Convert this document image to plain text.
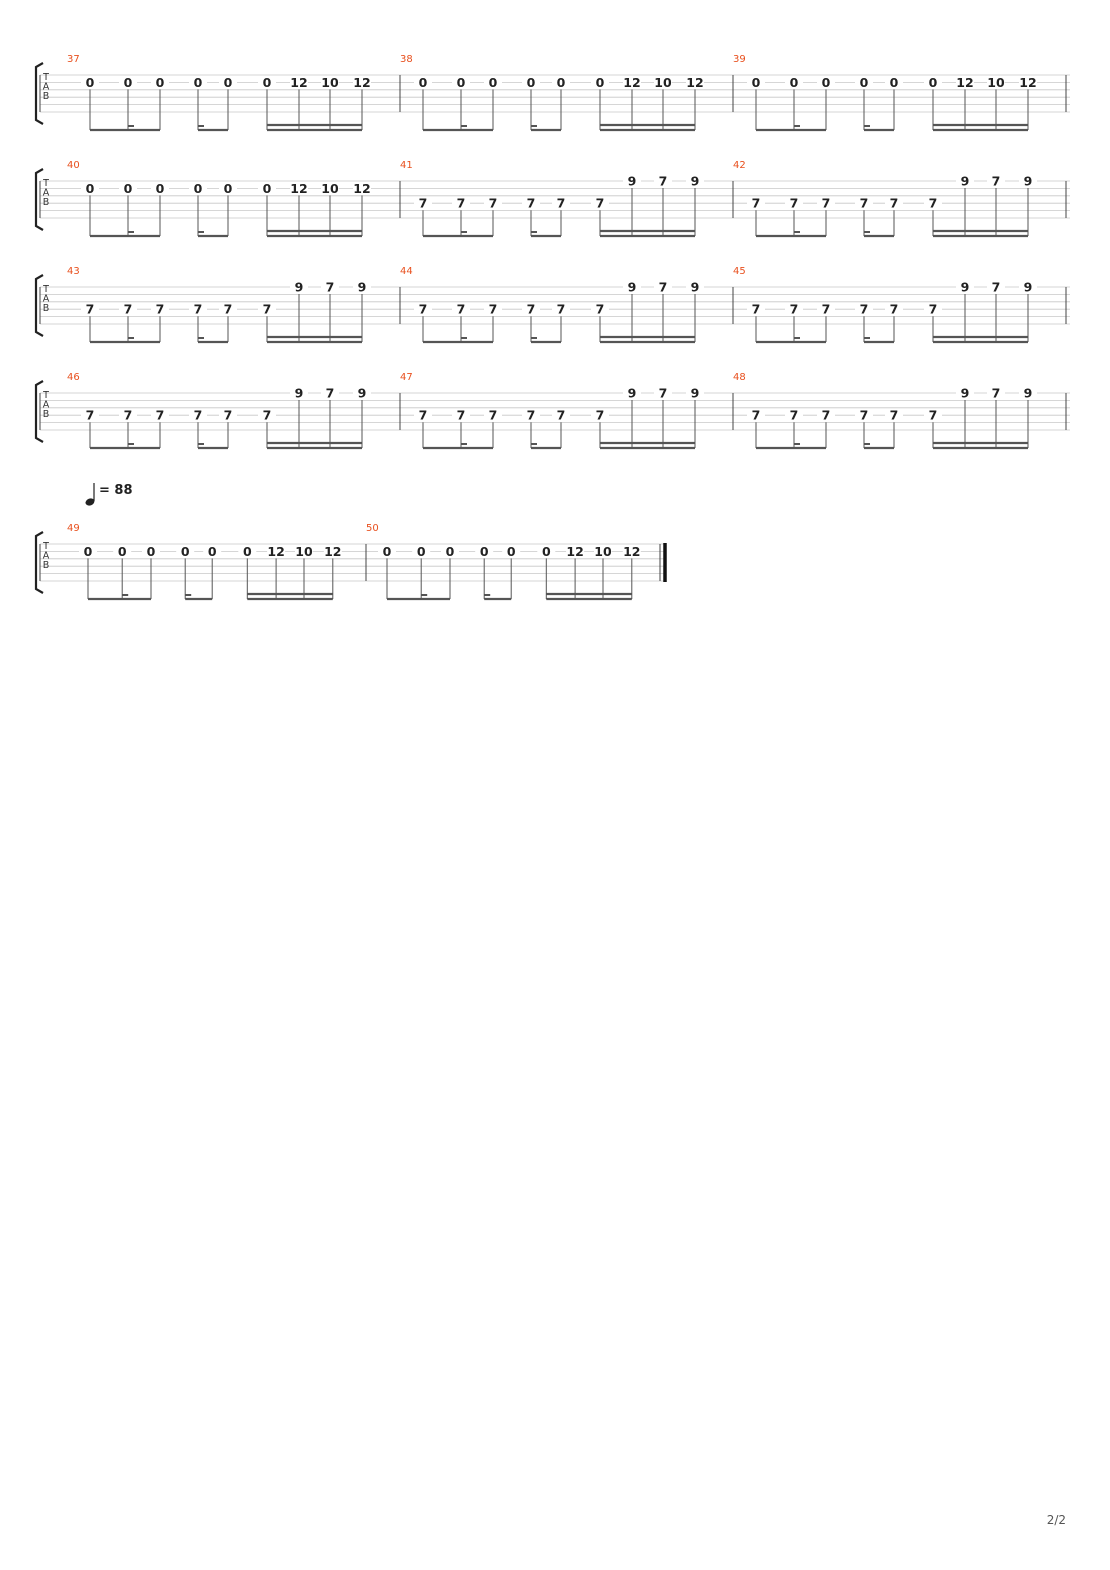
T
A
B
37
0 0 0 0 0 0 12 10 12
38
0 0 0 0 0 0 12 10 12
39
0 0 0 0 0 0 12 10 12
T
A
B
40
0 0 0 0 0 0 12 10 12
41
7 7 7 7 7 7
9 7 9
42
7 7 7 7 7 7
9 7 9
T
A
B
43
7 7 7 7 7 7
9 7 9
44
7 7 7 7 7 7
9 7 9
45
7 7 7 7 7 7
9 7 9
T
A
B
46
7 7 7 7 7 7
9 7 9
47
7 7 7 7 7 7
9 7 9
48
7 7 7 7 7 7
9 7 9
T
A
B
= 88
49
0 0 0 0 0 0 12 10 12
50
0 0 0 0 0 0 12 10 12
2/2
